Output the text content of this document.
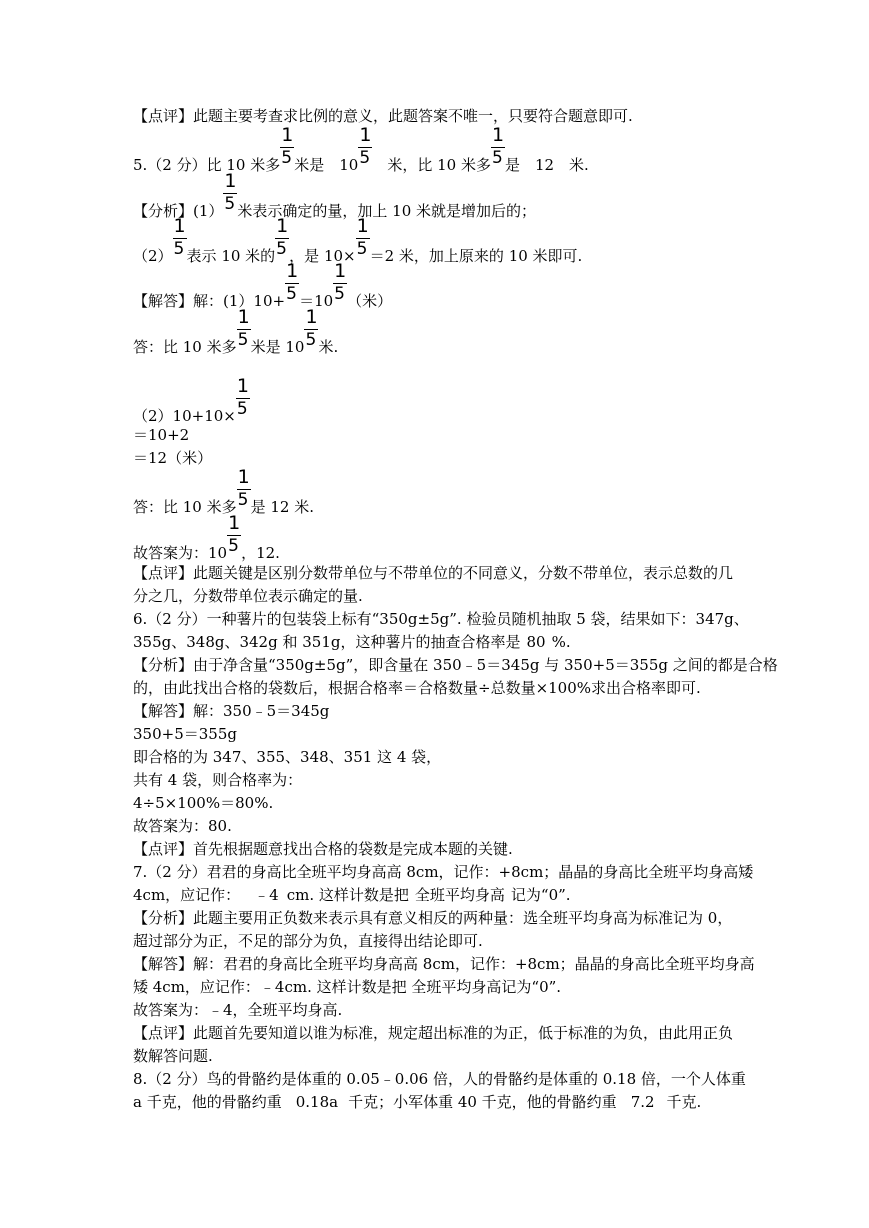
【点评】此题主要考查求比例的意义，此题答案不唯一，只要符合题意即可.
5.（2 分）比 10 米多 $\frac{1}{5}$ 米是　$10 \frac{1}{5}$ 　米，比 10 米多 $\frac{1}{5}$ 是　12　米.
【分析】$(1) \frac{1}{5}$ 米表示确定的量，加上 10 米就是增加后的；
$(2) \frac{1}{5}$ 表示 10 米的 $\frac{1}{5}$ ，是 $10\times \frac{1}{5} =2$ 米，加上原来的 10 米即可.
【解答】解：$(1)10+ \frac{1}{5} =10 \frac{1}{5}$ （米）
答：比 10 米多 $\frac{1}{5}$ 米是 $10 \frac{1}{5}$ 米.
$(2)10+10\times \frac{1}{5}$
＝10+2
＝12（米）
答：比 10 米多 $\frac{1}{5}$ 是 12 米.
故答案为：$10 \frac{1}{5}$ ，12.
【点评】此题关键是区别分数带单位与不带单位的不同意义，分数不带单位，表示总数的几
分之几，分数带单位表示确定的量.
6.（2 分）一种薯片的包装袋上标有“350g±5g”. 检验员随机抽取 5 袋，结果如下：347g、
355g、348g、342g 和 351g，这种薯片的抽查合格率是 80 %.
【分析】由于净含量“350g±5g”，即含量在 350﹣5＝345g 与 350+5＝355g 之间的都是合格
的，由此找出合格的袋数后，根据合格率＝合格数量÷总数量×100%求出合格率即可.
【解答】解：350﹣5＝345g
350+5＝355g
即合格的为 347、355、348、351 这 4 袋，
共有 4 袋，则合格率为：
4÷5×100%＝80%.
故答案为：80.
【点评】首先根据题意找出合格的袋数是完成本题的关键.
7.（2 分）君君的身高比全班平均身高高 8cm，记作：+8cm；晶晶的身高比全班平均身高矮
4cm，应记作： ﹣4 cm. 这样计数是把 全班平均身高 记为“0”.
【分析】此题主要用正负数来表示具有意义相反的两种量：选全班平均身高为标准记为 0，
超过部分为正，不足的部分为负，直接得出结论即可.
【解答】解：君君的身高比全班平均身高高 8cm，记作：+8cm；晶晶的身高比全班平均身高
矮 4cm，应记作：﹣4cm. 这样计数是把 全班平均身高记为“0”.
故答案为：﹣4，全班平均身高.
【点评】此题首先要知道以谁为标准，规定超出标准的为正，低于标准的为负，由此用正负
数解答问题.
8.（2 分）鸟的骨骼约是体重的 0.05﹣0.06 倍，人的骨骼约是体重的 0.18 倍，一个人体重
a 千克，他的骨骼约重 0.18a 千克；小军体重 40 千克，他的骨骼约重 7.2 千克.
